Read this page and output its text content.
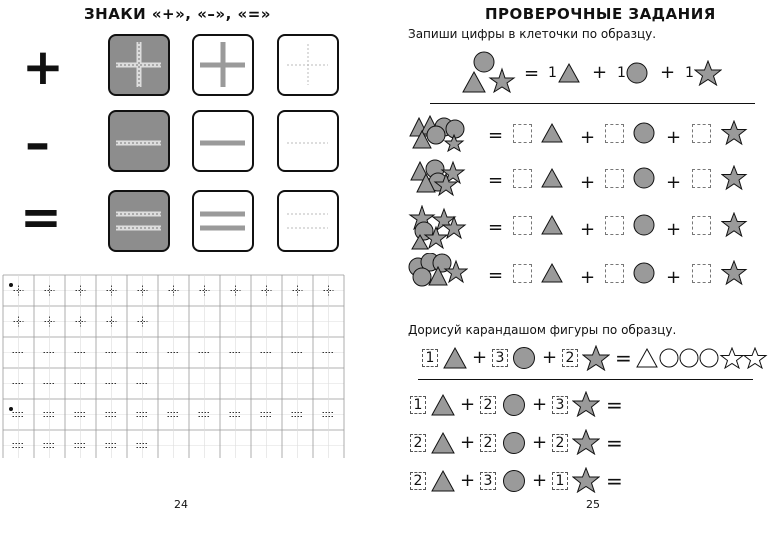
ЗНАКИ «+», «–», «=»
+
–
=
24
ПРОВЕРОЧНЫЕ ЗАДАНИЯ
Запиши цифры в клеточки по образцу.
= 1 + 1 + 1
=	+	+
=	+	+
=	+	+
=	+	+
Дорисуй карандашом фигуры по образцу.
1 + 3 + 2 =
1 + 2 + 3 =
2 + 2 + 2 =
2 + 3 + 1 =
25
